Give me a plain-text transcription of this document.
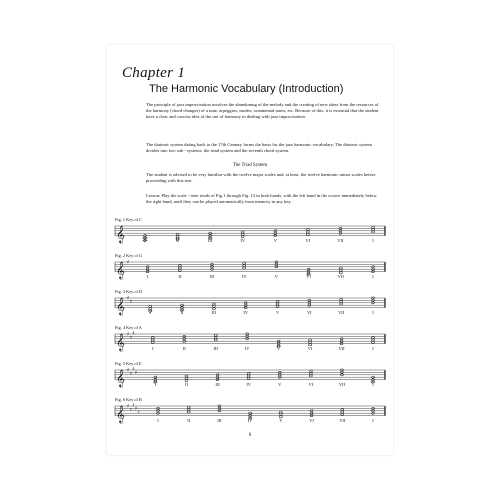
Chapter 1
The Harmonic Vocabulary (Introduction)
The principle of jazz improvisation involves the abandoning of the melody and the creating of new ideas from the resources of the harmony (chord changes) of a tune, arpeggios, modes, ornamental tones, etc. Because of this, it is essential that the student have a clear and concise idea of the use of harmony in dealing with jazz improvisation.
The diatonic system dating back to the 17th Century forms the basis for the jazz harmonic vocabulary. The diatonic system divides into two sub - systems, the triad system and the seventh chord system.
The Triad System
The student is advised to be very familiar with the twelve major scales and, at least, the twelve harmonic minor scales before proceeding with this text.
Lesson: Play the scale - tone triads of Fig 1 through Fig. 13 in both hands, with the left hand in the octave immediately below the right hand, until they can be played automatically from memory in any key.
Fig. 1 Key of C
II	III	IV	V	VI	VII	I
𝄞
Fig. 2 Key of G
I	II	III	IV	V	VI	VII	I
𝄞 ♯
Fig. 3 Key of D
I	II	III	IV	V	VI	VII	I
𝄞 ♯
♯
Fig. 4 Key of A
I	II	III	IV	V	VI	VII	I
𝄞 ♯
♯
♯
Fig. 5 Key of E
I	II	III	IV	V	VI	VII	I
𝄞 ♯
♯
♯
♯
Fig. 6 Key of B
I	II	III	IV	V	VI	VII	I
𝄞 ♯
♯
♯
♯
♯
6
